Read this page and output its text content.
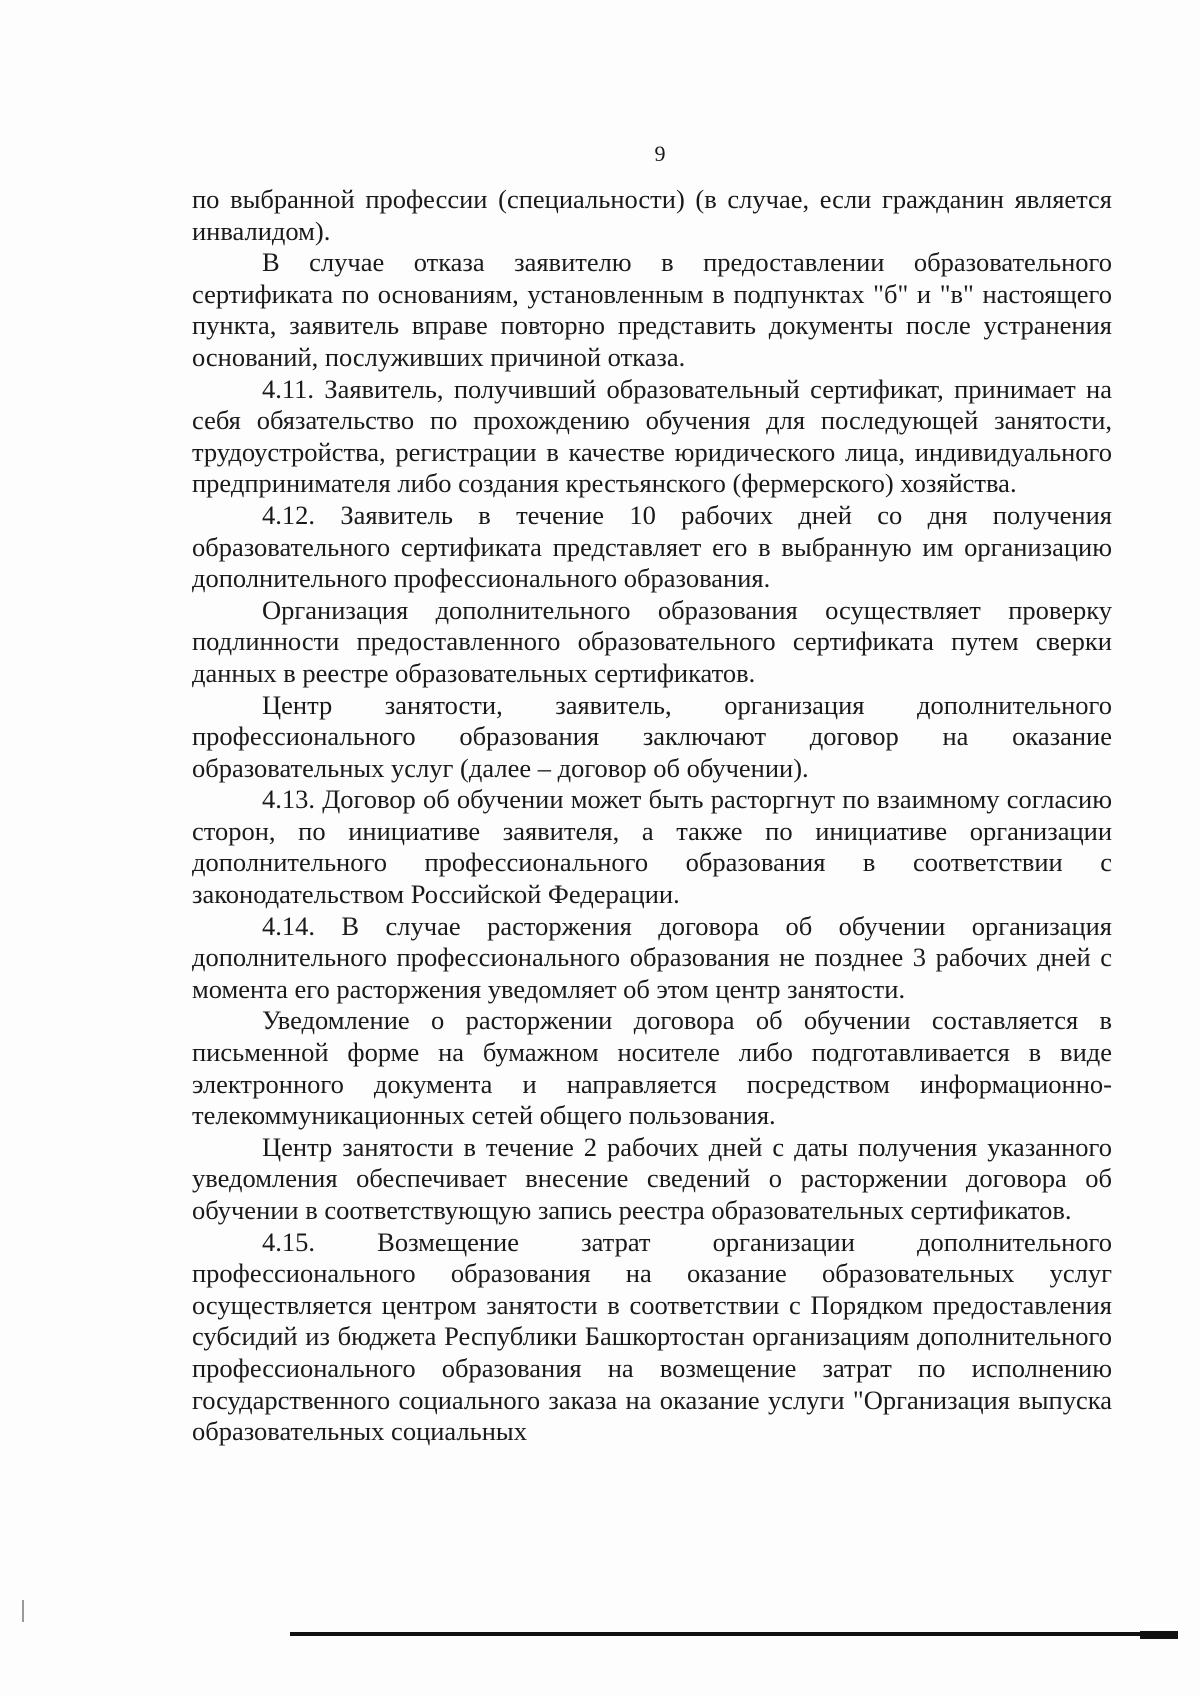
9

по выбранной профессии (специальности) (в случае, если гражданин является инвалидом).

В случае отказа заявителю в предоставлении образовательного сертификата по основаниям, установленным в подпунктах "б" и "в" настоящего пункта, заявитель вправе повторно представить документы после устранения оснований, послуживших причиной отказа.

4.11. Заявитель, получивший образовательный сертификат, принимает на себя обязательство по прохождению обучения для последующей занятости, трудоустройства, регистрации в качестве юридического лица, индивидуального предпринимателя либо создания крестьянского (фермерского) хозяйства.

4.12. Заявитель в течение 10 рабочих дней со дня получения образовательного сертификата представляет его в выбранную им организацию дополнительного профессионального образования.

Организация дополнительного образования осуществляет проверку подлинности предоставленного образовательного сертификата путем сверки данных в реестре образовательных сертификатов.

Центр занятости, заявитель, организация дополнительного профессионального образования заключают договор на оказание образовательных услуг (далее – договор об обучении).

4.13. Договор об обучении может быть расторгнут по взаимному согласию сторон, по инициативе заявителя, а также по инициативе организации дополнительного профессионального образования в соответствии с законодательством Российской Федерации.

4.14. В случае расторжения договора об обучении организация дополнительного профессионального образования не позднее 3 рабочих дней с момента его расторжения уведомляет об этом центр занятости.

Уведомление о расторжении договора об обучении составляется в письменной форме на бумажном носителе либо подготавливается в виде электронного документа и направляется посредством информационно-телекоммуникационных сетей общего пользования.

Центр занятости в течение 2 рабочих дней с даты получения указанного уведомления обеспечивает внесение сведений о расторжении договора об обучении в соответствующую запись реестра образовательных сертификатов.

4.15. Возмещение затрат организации дополнительного профессионального образования на оказание образовательных услуг осуществляется центром занятости в соответствии с Порядком предоставления субсидий из бюджета Республики Башкортостан организациям дополнительного профессионального образования на возмещение затрат по исполнению государственного социального заказа на оказание услуги "Организация выпуска образовательных социальных
